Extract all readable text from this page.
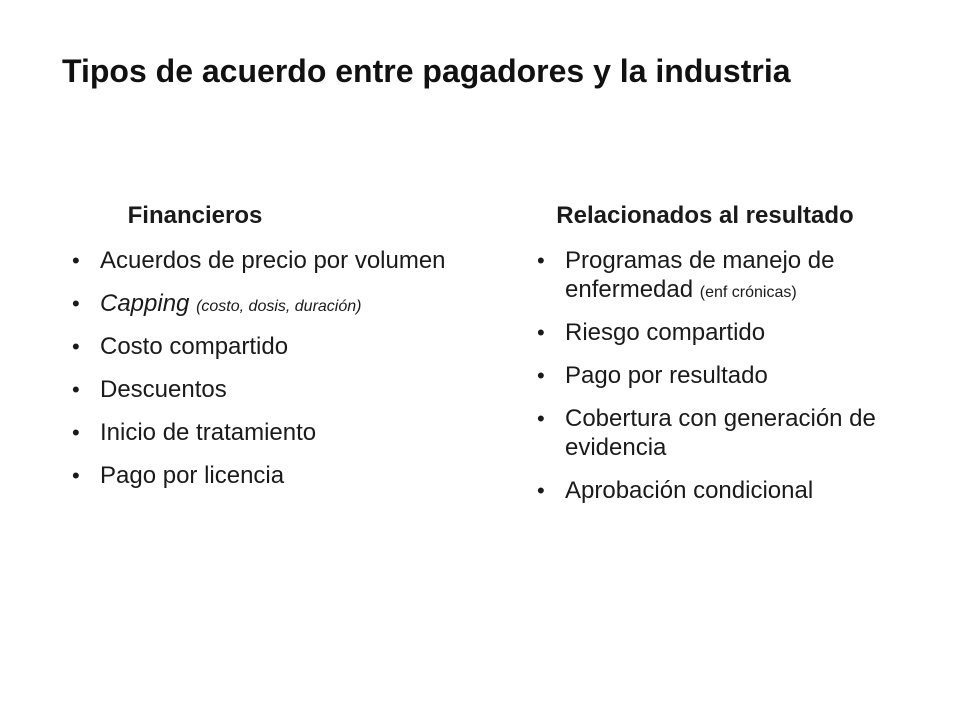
Tipos de acuerdo entre pagadores y la industria
Financieros
• Acuerdos de precio por volumen
• Capping (costo, dosis, duración)
• Costo compartido
• Descuentos
• Inicio de tratamiento
• Pago por licencia
Relacionados al resultado
• Programas de manejo de enfermedad (enf crónicas)
• Riesgo compartido
• Pago por resultado
• Cobertura con generación de evidencia
• Aprobación condicional
